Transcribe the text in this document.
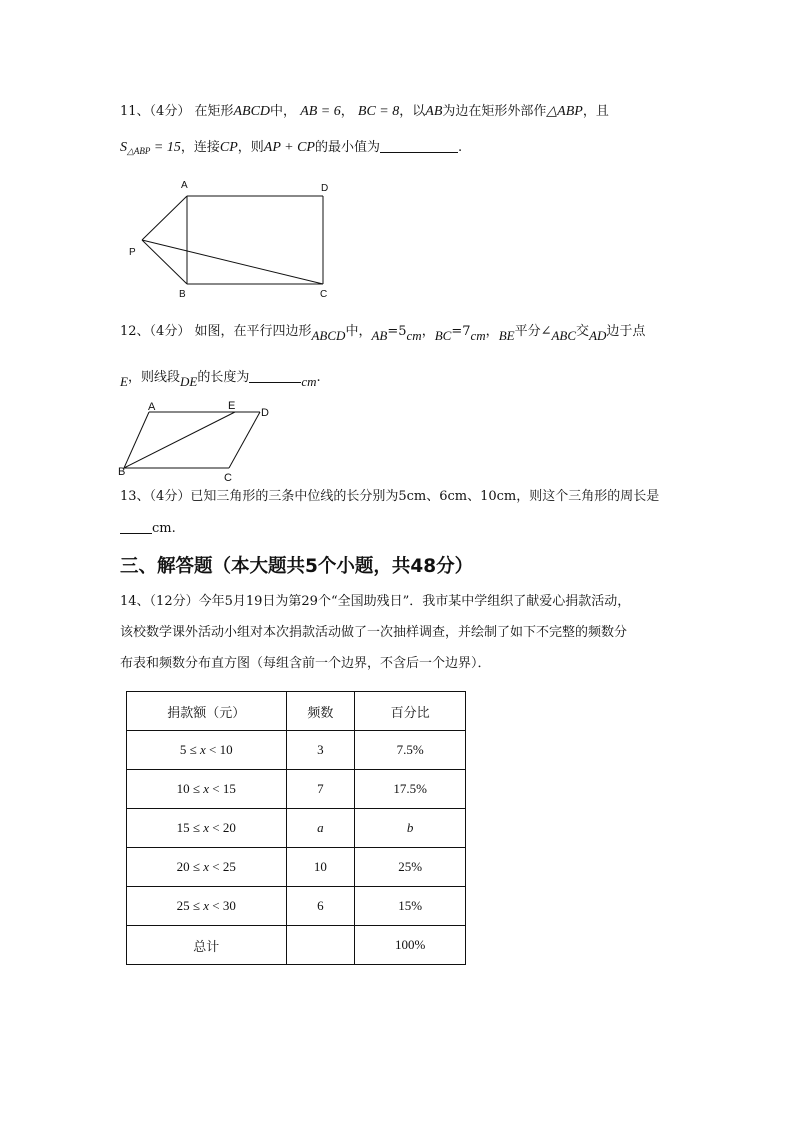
11、（4分） 在矩形ABCD中， AB = 6， BC = 8，以AB为边在矩形外部作△ABP，且
$S_{\triangle ABP} = 15$，连接CP，则AP + CP的最小值为	.
A	D
P
B	C
12、（4分） 如图，在平行四边形ABCD中，AB=5cm，BC=7cm，BE平分∠ABC交AD边于点
E，则线段DE的长度为	cm.
A	E
D
B	C
13、（4分）已知三角形的三条中位线的长分别为5cm、6cm、10cm，则这个三角形的周长是
cm.
三、解答题（本大题共5个小题，共48分）
14、（12分）今年5月19日为第29个“全国助残日”．我市某中学组织了献爱心捐款活动，
该校数学课外活动小组对本次捐款活动做了一次抽样调查，并绘制了如下不完整的频数分
布表和频数分布直方图（每组含前一个边界，不含后一个边界）．
捐款额（元）	频数	百分比
5 ≤ x < 10	3	7.5%
10 ≤ x < 15	7	17.5%
15 ≤ x < 20	a	b
20 ≤ x < 25	10	25%
25 ≤ x < 30	6	15%
总计		100%
